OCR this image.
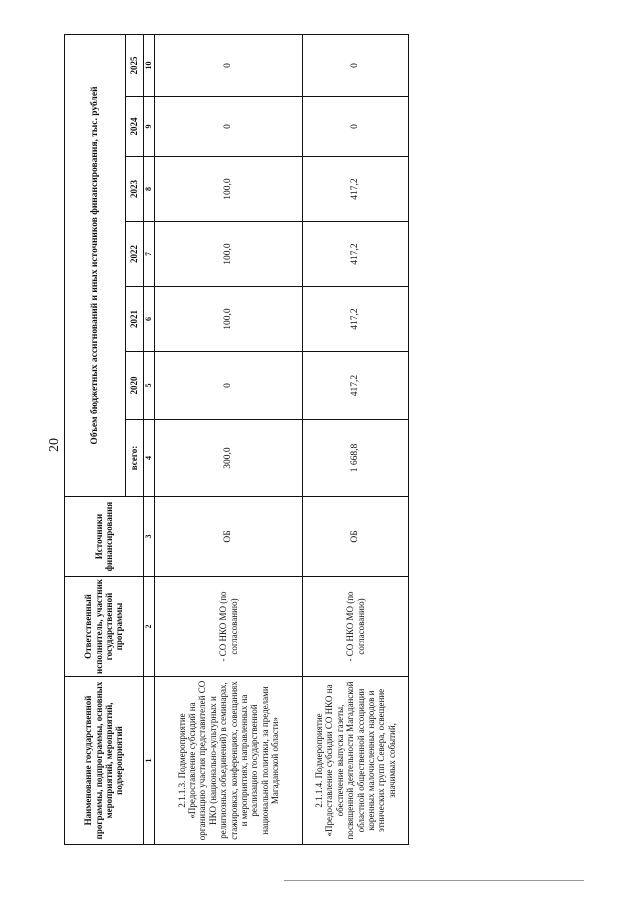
20
Наименование государственной программы, подпрограммы, основных мероприятий, мероприятий, подмероприятий	Ответственный исполнитель, участник государственной программы	Источники финансирования	Объем бюджетных ассигнований и иных источников финансирования, тыс. рублей						
			всего:	2020	2021	2022	2023	2024	2025
1	2	3	4	5	6	7	8	9	10
2.1.1.3. Подмероприятие «Предоставление субсидий на организацию участия представителей СО НКО (национально-культурных и религиозных объединений) в семинарах, стажировках, конференциях, совещаниях и мероприятиях, направленных на реализацию государственной национальной политики, за пределами Магаданской области»	- СО НКО МО (по согласованию)	ОБ	300,0	0	100,0	100,0	100,0	0	0
2.1.1.4. Подмероприятие «Предоставление субсидии СО НКО на обеспечение выпуска газеты, посвященной деятельности Магаданской областной общественной ассоциации коренных малочисленных народов и этнических групп Севера, освещение значимых событий,	- СО НКО МО (по согласованию)	ОБ	1 668,8	417,2	417,2	417,2	417,2	0	0
